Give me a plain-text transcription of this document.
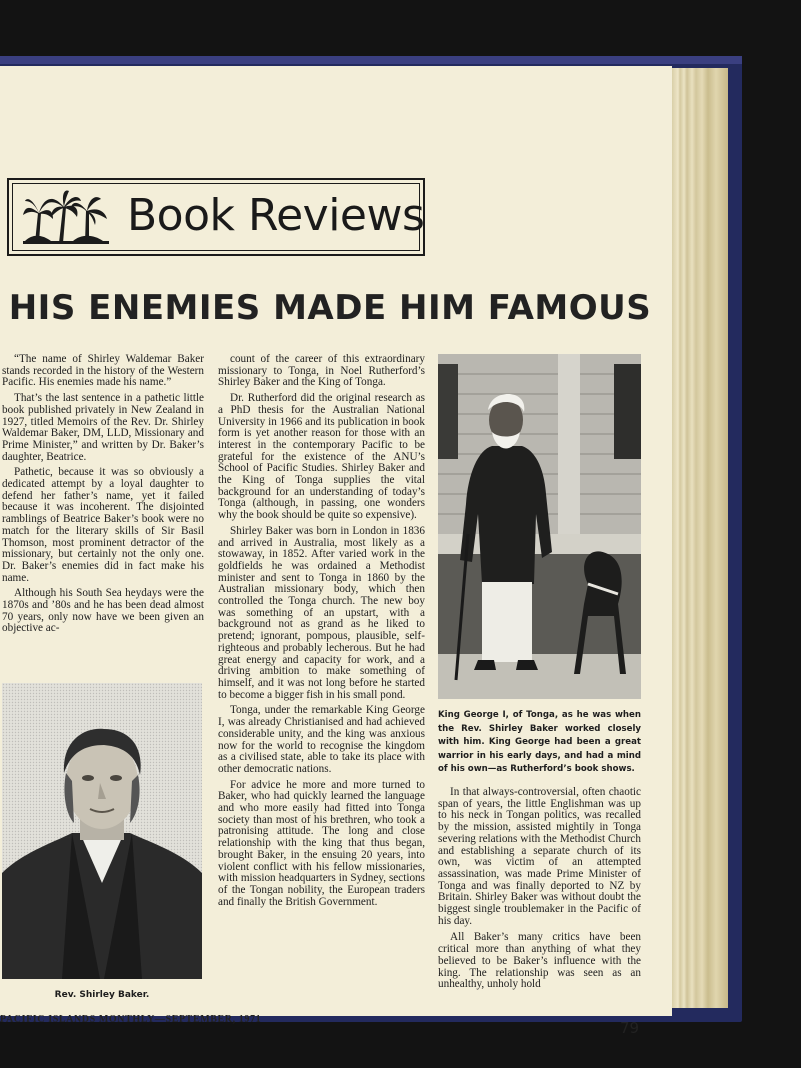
Book Reviews
HIS ENEMIES MADE HIM FAMOUS

“The name of Shirley Waldemar Baker stands recorded in the history of the Western Pacific. His enemies made his name.”

That’s the last sentence in a pathetic little book published privately in New Zealand in 1927, titled Memoirs of the Rev. Dr. Shirley Waldemar Baker, DM, LLD, Missionary and Prime Minister,” and written by Dr. Baker’s daughter, Beatrice.

Pathetic, because it was so obviously a dedicated attempt by a loyal daughter to defend her father’s name, yet it failed because it was incoherent. The disjointed ramblings of Beatrice Baker’s book were no match for the literary skills of Sir Basil Thomson, most prominent detractor of the missionary, but certainly not the only one. Dr. Baker’s enemies did in fact make his name.

Although his South Sea heydays were the 1870s and ’80s and he has been dead almost 70 years, only now have we been given an objective ac-

Rev. Shirley Baker.

count of the career of this extraordinary missionary to Tonga, in Noel Rutherford’s Shirley Baker and the King of Tonga.

Dr. Rutherford did the original research as a PhD thesis for the Australian National University in 1966 and its publication in book form is yet another reason for those with an interest in the contemporary Pacific to be grateful for the existence of the ANU’s School of Pacific Studies. Shirley Baker and the King of Tonga supplies the vital background for an understanding of today’s Tonga (although, in passing, one wonders why the book should be quite so expensive).

Shirley Baker was born in London in 1836 and arrived in Australia, most likely as a stowaway, in 1852. After varied work in the goldfields he was ordained a Methodist minister and sent to Tonga in 1860 by the Australian missionary body, which then controlled the Tonga church. The new boy was something of an upstart, with a background not as grand as he liked to pretend; ignorant, pompous, plausible, self-righteous and probably lecherous. But he had great energy and capacity for work, and a driving ambition to make something of himself, and it was not long before he started to become a bigger fish in his small pond.

Tonga, under the remarkable King George I, was already Christianised and had achieved considerable unity, and the king was anxious now for the world to recognise the kingdom as a civilised state, able to take its place with other democratic nations.

For advice he more and more turned to Baker, who had quickly learned the language and who more easily had fitted into Tonga society than most of his brethren, who took a patronising attitude. The long and close relationship with the king that thus began, brought Baker, in the ensuing 20 years, into violent conflict with his fellow missionaries, with mission headquarters in Sydney, sections of the Tongan nobility, the European traders and finally the British Government.

King George I, of Tonga, as he was when the Rev. Shirley Baker worked closely with him. King George had been a great warrior in his early days, and had a mind of his own—as Rutherford’s book shows.

In that always-controversial, often chaotic span of years, the little Englishman was up to his neck in Tongan politics, was recalled by the mission, assisted mightily in Tonga severing relations with the Methodist Church and establishing a separate church of its own, was victim of an attempted assassination, was made Prime Minister of Tonga and was finally deported to NZ by Britain. Shirley Baker was without doubt the biggest single troublemaker in the Pacific of his day.

All Baker’s many critics have been critical more than anything of what they believed to be Baker’s influence with the king. The relationship was seen as an unhealthy, unholy hold

PACIFIC ISLANDS MONTHLY—SEPTEMBER, 1971	79
